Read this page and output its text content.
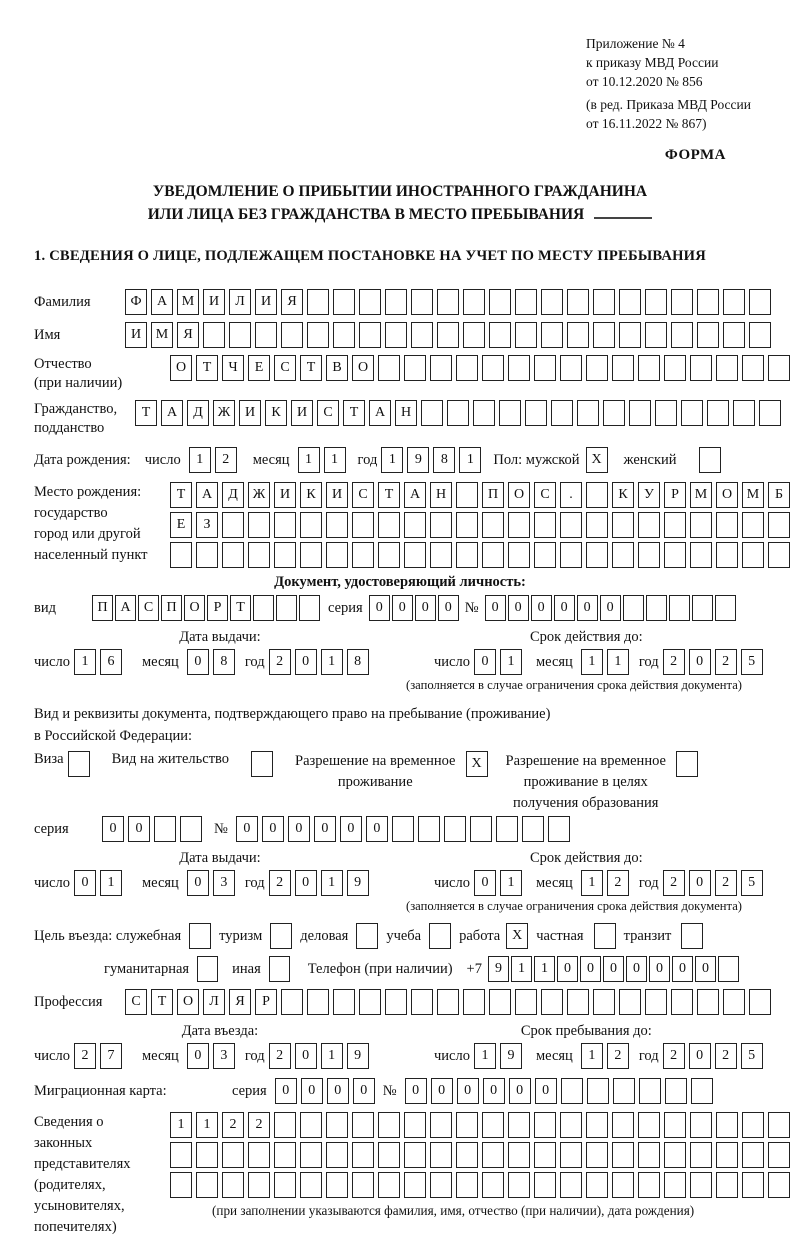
Приложение № 4
к приказу МВД России
от 10.12.2020 № 856
(в ред. Приказа МВД России
от 16.11.2022 № 867)
ФОРМА
УВЕДОМЛЕНИЕ О ПРИБЫТИИ ИНОСТРАННОГО ГРАЖДАНИНА
ИЛИ ЛИЦА БЕЗ ГРАЖДАНСТВА В МЕСТО ПРЕБЫВАНИЯ
1. СВЕДЕНИЯ О ЛИЦЕ, ПОДЛЕЖАЩЕМ ПОСТАНОВКЕ НА УЧЕТ ПО МЕСТУ ПРЕБЫВАНИЯ
Фамилия	Ф	А	М	И	Л	И	Я
Имя	И	М	Я
Отчество
(при наличии)
О	Т	Ч	Е	С	Т	В	О
Гражданство,
подданство
Т	А	Д	Ж	И	К	И	С	Т	А	Н
Дата рождения: число	1	2	месяц	1	1	год 1	9	8	1	Пол: мужской X	женский
Место рождения:
государство
город или другой
населенный пункт
Т	А	Д	Ж	И	К	И	С	Т	А	Н	П	О	С	.	К	У	Р	М	О	М	Б
Е	З
Документ, удостоверяющий личность:
вид	П А С П О	Р	Т	серия 0	0	0	0 № 0	0	0	0	0	0
Дата выдачи:
число 1	6	месяц	0	8	год 2	0	1	8
Срок действия до:
число 0	1	месяц	1	1	год 2	0	2	5
(заполняется в случае ограничения срока действия документа)
Вид и реквизиты документа, подтверждающего право на пребывание (проживание)
в Российской Федерации:
Виза	Вид на жительство	Разрешение на временное
проживание
X	Разрешение на временное
проживание в целях
получения образования
серия	0	0	№	0	0	0	0	0	0
Дата выдачи:
число 0	1	месяц	0	3	год 2	0	1	9
Срок действия до:
число 0	1	месяц	1	2	год 2	0	2	5
(заполняется в случае ограничения срока действия документа)
Цель въезда: служебная	туризм	деловая	учеба	работа X частная	транзит
гуманитарная	иная	Телефон (при наличии) +7 9	1	1	0	0	0	0	0	0	0
Профессия	С	Т	О	Л	Я	Р
Дата въезда:
число 2	7	месяц	0	3	год 2	0	1	9
Срок пребывания до:
число 1	9	месяц	1	2	год 2	0	2	5
Миграционная карта:	серия	0	0	0	0	№	0	0	0	0	0	0
Сведения о
законных
представителях
(родителях,
усыновителях,
попечителях)
1	1	2	2
(при заполнении указываются фамилия, имя, отчество (при наличии), дата рождения)
